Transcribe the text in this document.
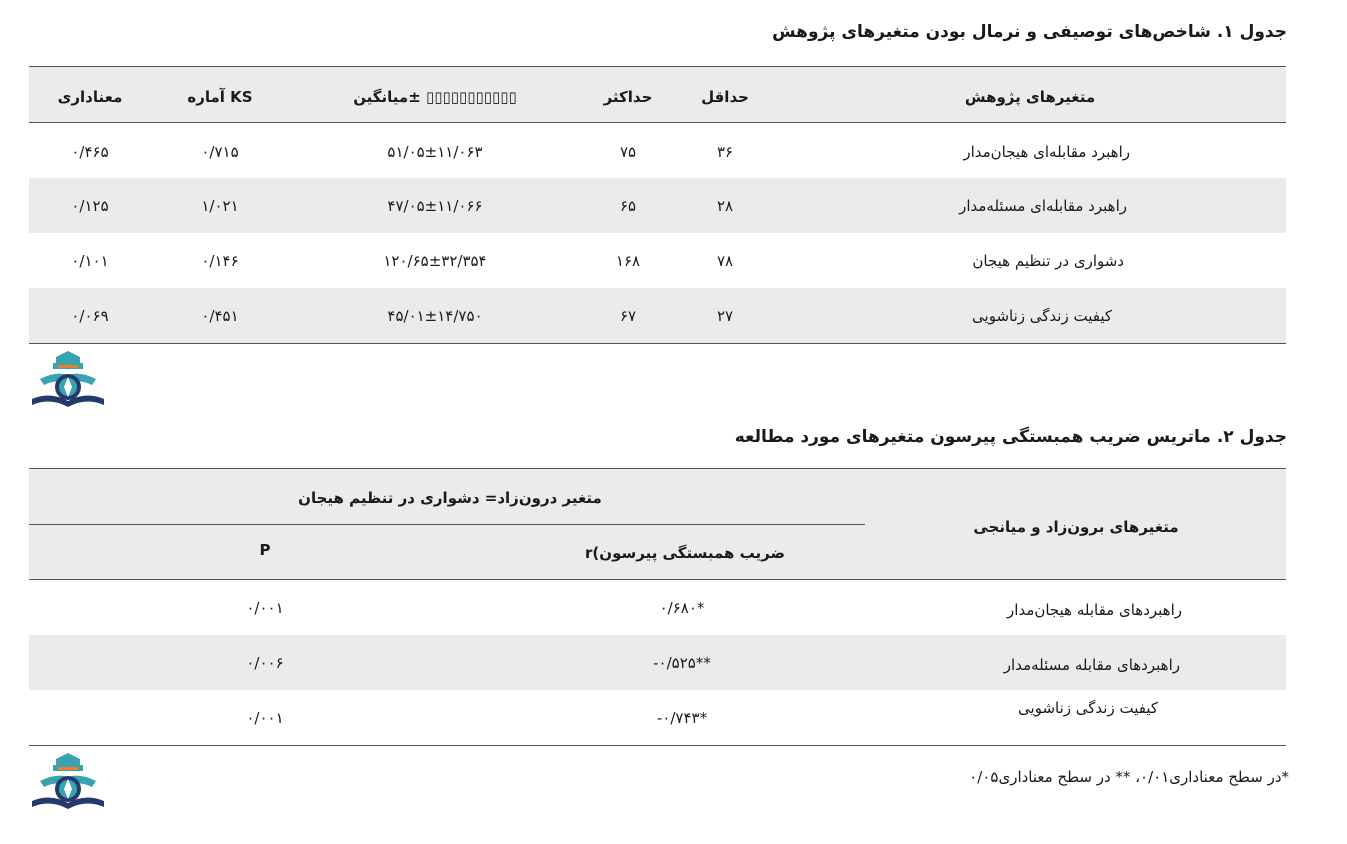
جدول ۱. شاخص‌های توصیفی و نرمال بودن متغیرهای پژوهش
متغیرهای پژوهش
حداقل
حداکثر
میانگین± ▯▯▯▯▯▯▯▯▯▯▯
آماره KS
معناداری
راهبرد مقابله‌ای هیجان‌مدار
۳۶
۷۵
۵۱/۰۵±۱۱/۰۶۳
۰/۷۱۵
۰/۴۶۵
راهبرد مقابله‌ای مسئله‌مدار
۲۸
۶۵
۴۷/۰۵±۱۱/۰۶۶
۱/۰۲۱
۰/۱۲۵
دشواری در تنظیم هیجان
۷۸
۱۶۸
۱۲۰/۶۵±۳۲/۳۵۴
۰/۱۴۶
۰/۱۰۱
کیفیت زندگی زناشویی
۲۷
۶۷
۴۵/۰۱±۱۴/۷۵۰
۰/۴۵۱
۰/۰۶۹
جدول ۲. ماتریس ضریب همبستگی پیرسون متغیرهای مورد مطالعه
متغیرهای برون‌زاد و میانجی
متغیر درون‌زاد= دشواری در تنظیم هیجان
r(ضریب همبستگی پیرسون
P
راهبردهای مقابله هیجان‌مدار
۰/۶۸۰*
۰/۰۰۱
راهبردهای مقابله مسئله‌مدار
-۰/۵۲۵**
۰/۰۰۶
کیفیت زندگی زناشویی
-۰/۷۴۳*
۰/۰۰۱
*در سطح معناداری۰/۰۱، ** در سطح معناداری۰/۰۵
